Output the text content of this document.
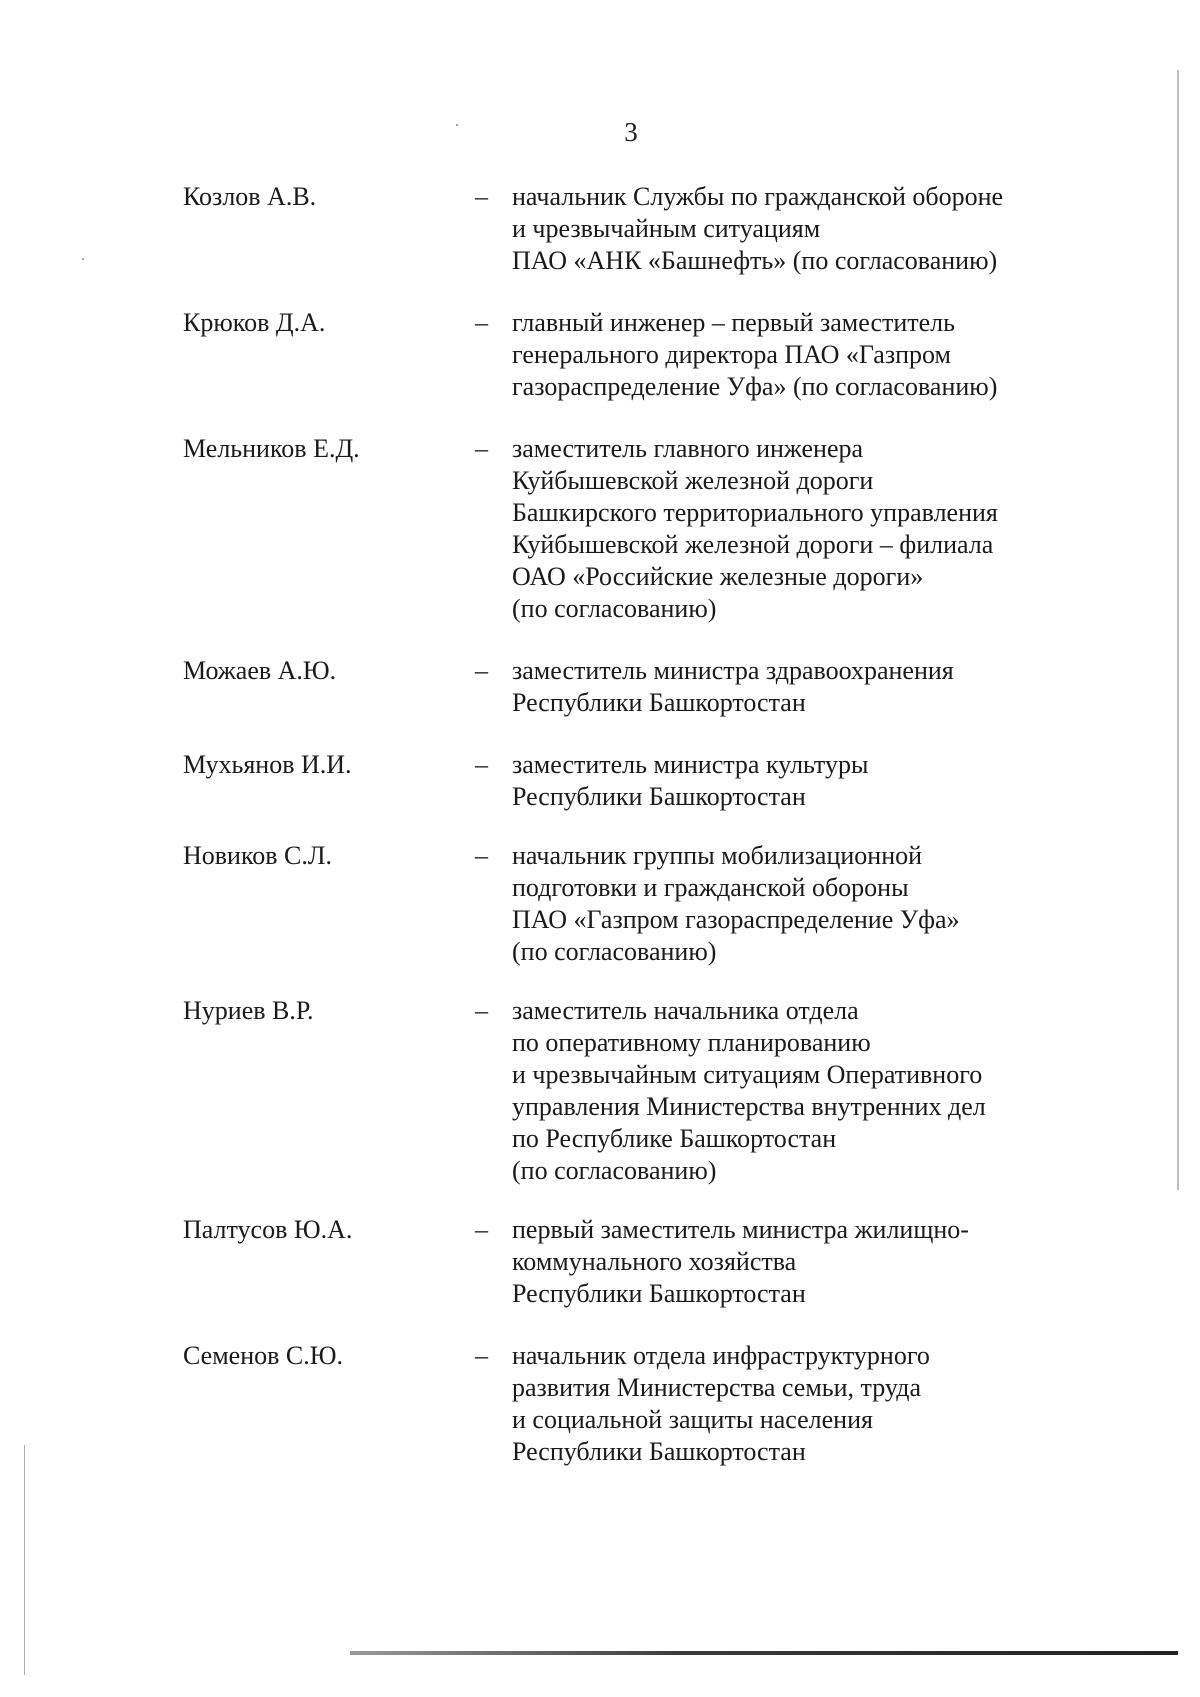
3
Козлов А.В.	– начальник Службы по гражданской обороне
и чрезвычайным ситуациям
ПАО «АНК «Башнефть» (по согласованию)
Крюков Д.А.	– главный инженер – первый заместитель
генерального директора ПАО «Газпром
газораспределение Уфа» (по согласованию)
Мельников Е.Д.	– заместитель главного инженера
Куйбышевской железной дороги
Башкирского территориального управления
Куйбышевской железной дороги – филиала
ОАО «Российские железные дороги»
(по согласованию)
Можаев А.Ю.	– заместитель министра здравоохранения
Республики Башкортостан
Мухьянов И.И.	– заместитель министра культуры
Республики Башкортостан
Новиков С.Л.	– начальник группы мобилизационной
подготовки и гражданской обороны
ПАО «Газпром газораспределение Уфа»
(по согласованию)
Нуриев В.Р.	– заместитель начальника отдела
по оперативному планированию
и чрезвычайным ситуациям Оперативного
управления Министерства внутренних дел
по Республике Башкортостан
(по согласованию)
Палтусов Ю.А.	– первый заместитель министра жилищно-
коммунального хозяйства
Республики Башкортостан
Семенов С.Ю.	– начальник отдела инфраструктурного
развития Министерства семьи, труда
и социальной защиты населения
Республики Башкортостан
